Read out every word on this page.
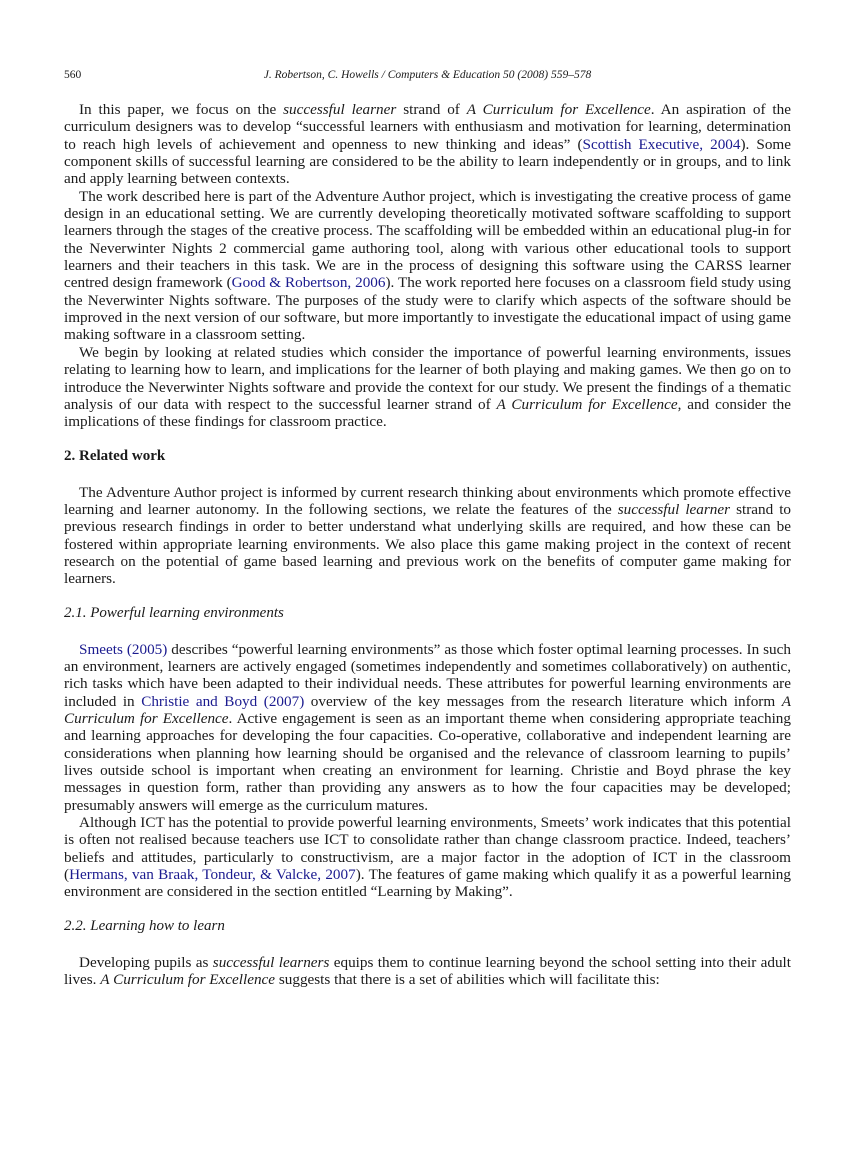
560	J. Robertson, C. Howells / Computers & Education 50 (2008) 559–578

In this paper, we focus on the successful learner strand of A Curriculum for Excellence. An aspiration of the curriculum designers was to develop “successful learners with enthusiasm and motivation for learning, determination to reach high levels of achievement and openness to new thinking and ideas” (Scottish Executive, 2004). Some component skills of successful learning are considered to be the ability to learn independently or in groups, and to link and apply learning between contexts.

The work described here is part of the Adventure Author project, which is investigating the creative process of game design in an educational setting. We are currently developing theoretically motivated software scaffolding to support learners through the stages of the creative process. The scaffolding will be embedded within an educational plug-in for the Neverwinter Nights 2 commercial game authoring tool, along with various other educational tools to support learners and their teachers in this task. We are in the process of designing this software using the CARSS learner centred design framework (Good & Robertson, 2006). The work reported here focuses on a classroom field study using the Neverwinter Nights software. The purposes of the study were to clarify which aspects of the software should be improved in the next version of our software, but more importantly to investigate the educational impact of using game making software in a classroom setting.

We begin by looking at related studies which consider the importance of powerful learning environments, issues relating to learning how to learn, and implications for the learner of both playing and making games. We then go on to introduce the Neverwinter Nights software and provide the context for our study. We present the findings of a thematic analysis of our data with respect to the successful learner strand of A Curriculum for Excellence, and consider the implications of these findings for classroom practice.

2. Related work

The Adventure Author project is informed by current research thinking about environments which promote effective learning and learner autonomy. In the following sections, we relate the features of the successful learner strand to previous research findings in order to better understand what underlying skills are required, and how these can be fostered within appropriate learning environments. We also place this game making project in the context of recent research on the potential of game based learning and previous work on the benefits of computer game making for learners.

2.1. Powerful learning environments

Smeets (2005) describes “powerful learning environments” as those which foster optimal learning processes. In such an environment, learners are actively engaged (sometimes independently and sometimes collaboratively) on authentic, rich tasks which have been adapted to their individual needs. These attributes for powerful learning environments are included in Christie and Boyd (2007) overview of the key messages from the research literature which inform A Curriculum for Excellence. Active engagement is seen as an important theme when considering appropriate teaching and learning approaches for developing the four capacities. Co-operative, collaborative and independent learning are considerations when planning how learning should be organised and the relevance of classroom learning to pupils’ lives outside school is important when creating an environment for learning. Christie and Boyd phrase the key messages in question form, rather than providing any answers as to how the four capacities may be developed; presumably answers will emerge as the curriculum matures.

Although ICT has the potential to provide powerful learning environments, Smeets’ work indicates that this potential is often not realised because teachers use ICT to consolidate rather than change classroom practice. Indeed, teachers’ beliefs and attitudes, particularly to constructivism, are a major factor in the adoption of ICT in the classroom (Hermans, van Braak, Tondeur, & Valcke, 2007). The features of game making which qualify it as a powerful learning environment are considered in the section entitled “Learning by Making”.

2.2. Learning how to learn

Developing pupils as successful learners equips them to continue learning beyond the school setting into their adult lives. A Curriculum for Excellence suggests that there is a set of abilities which will facilitate this:
